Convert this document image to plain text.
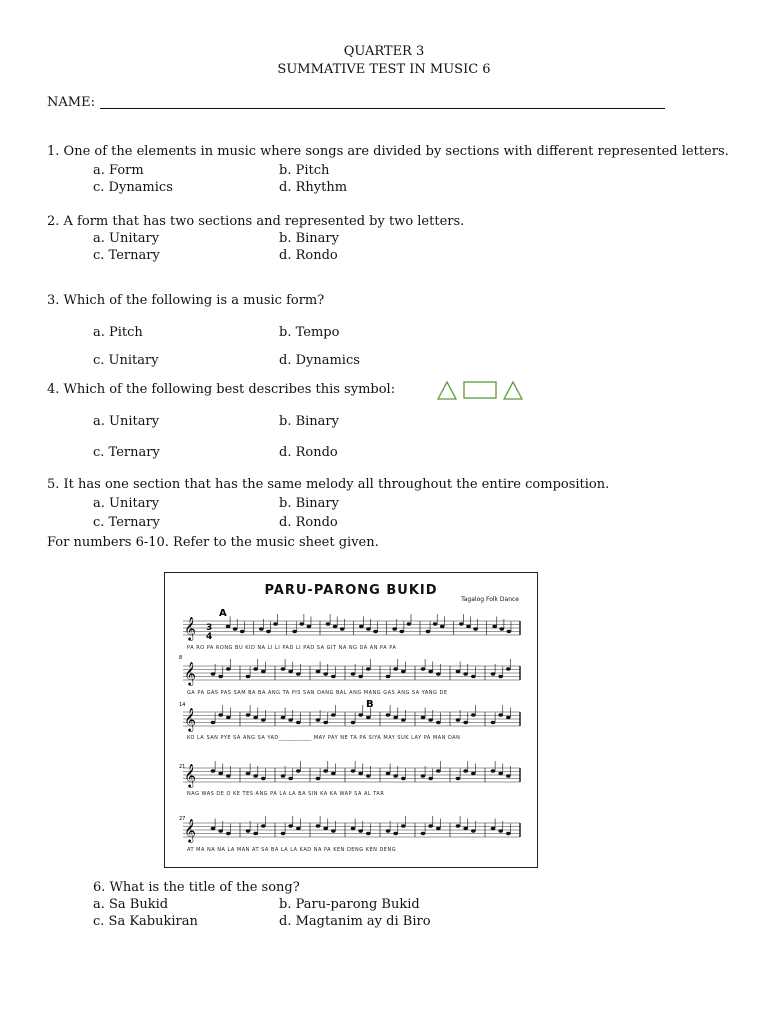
QUARTER 3
SUMMATIVE TEST IN MUSIC 6
NAME:
1. One of the elements in music where songs are divided by sections with different represented letters.
a. Form	b. Pitch
c. Dynamics	d. Rhythm
2. A form that has two sections and represented by two letters.
a. Unitary	b. Binary
c. Ternary	d. Rondo
3. Which of the following is a music form?
a. Pitch	b. Tempo
c. Unitary	d. Dynamics
4. Which of the following best describes this symbol:
a. Unitary	b. Binary
c. Ternary	d. Rondo
5. It has one section that has the same melody all throughout the entire composition.
a. Unitary	b. Binary
c. Ternary	d. Rondo
For numbers 6-10. Refer to the music sheet given.
PARU-PARONG BUKID
Tagalog Folk Dance
A
B
3
4
8
14
21
27
𝄞
𝄞
𝄞
𝄞
𝄞
PA RO PA RONG BU KID NA LI LI PAD LI PAD SA GIT NA NG DA AN PA PA
GA PA GAS PAS SAM BA BA ANG TA PIS SAN DANG BAL ANG MANG GAS ANG SA YANG DE
KO LA SAN PYE SA ANG SA YAD___________ MAY PAY NE TA PA SIYA MAY SUK LAY PA MAN DAN
NAG WAS DE O KE TES ANG PA LA LA BA SIN KA KA WAP SA AL TAR
AT MA NA NA LA MAN AT SA BA LA LA KAD NA PA KEN DENG KEN DENG
6. What is the title of the song?
a. Sa Bukid	b. Paru-parong Bukid
c. Sa Kabukiran	d. Magtanim ay di Biro
